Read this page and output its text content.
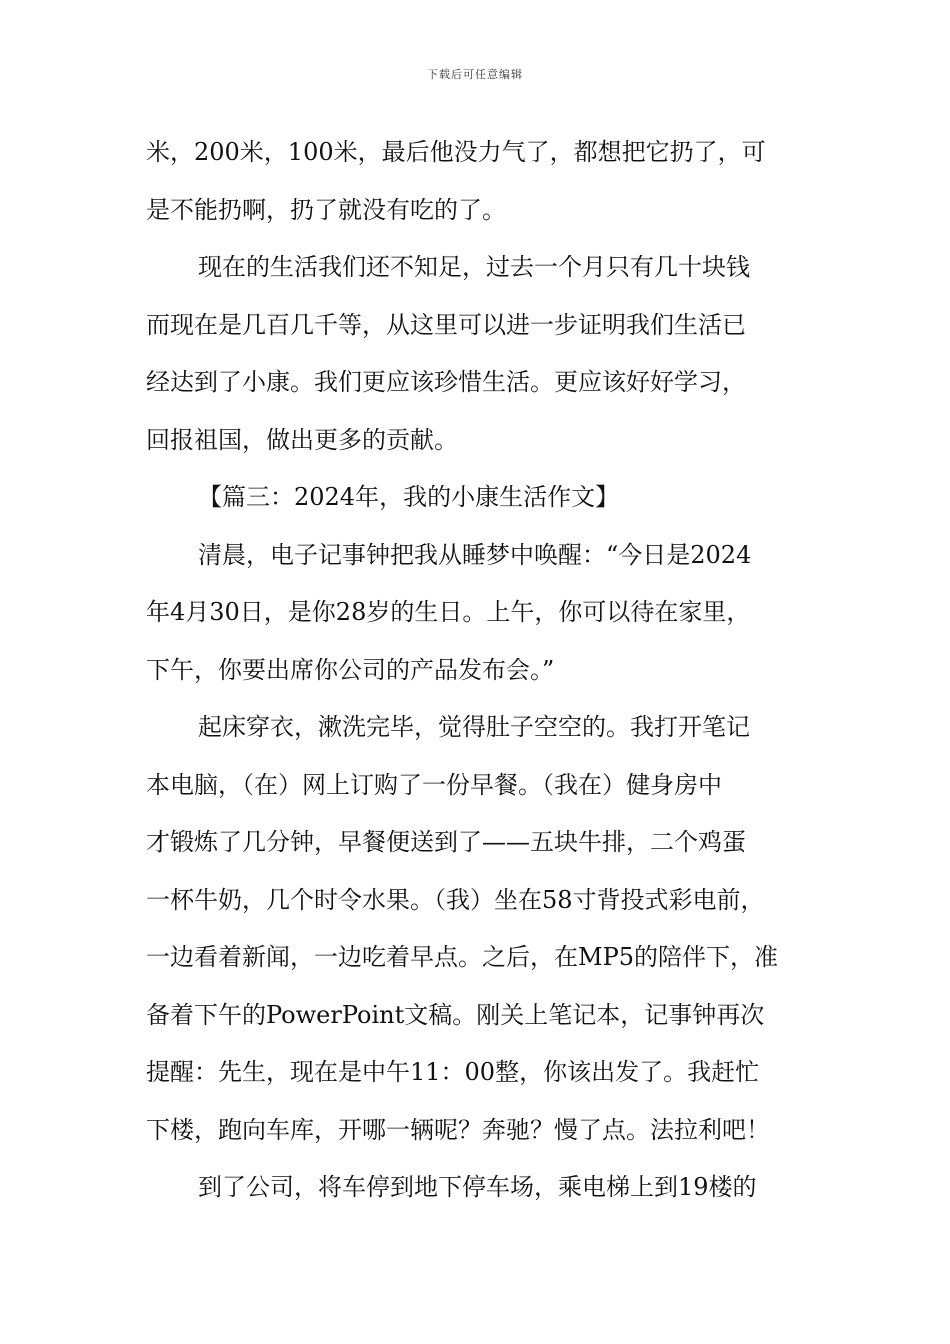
下载后可任意编辑
米，200米，100米，最后他没力气了，都想把它扔了，可
是不能扔啊，扔了就没有吃的了。
现在的生活我们还不知足，过去一个月只有几十块钱
而现在是几百几千等，从这里可以进一步证明我们生活已
经达到了小康。我们更应该珍惜生活。更应该好好学习，
回报祖国，做出更多的贡献。
【篇三：2024年，我的小康生活作文】
清晨，电子记事钟把我从睡梦中唤醒：“今日是2024
年4月30日，是你28岁的生日。上午，你可以待在家里，
下午，你要出席你公司的产品发布会。”
起床穿衣，漱洗完毕，觉得肚子空空的。我打开笔记
本电脑，（在）网上订购了一份早餐。（我在）健身房中
才锻炼了几分钟，早餐便送到了——五块牛排，二个鸡蛋
一杯牛奶，几个时令水果。（我）坐在58寸背投式彩电前，
一边看着新闻，一边吃着早点。之后，在MP5的陪伴下，准
备着下午的PowerPoint文稿。刚关上笔记本，记事钟再次
提醒：先生，现在是中午11：00整，你该出发了。我赶忙
下楼，跑向车库，开哪一辆呢？奔驰？慢了点。法拉利吧！
到了公司，将车停到地下停车场，乘电梯上到19楼的
